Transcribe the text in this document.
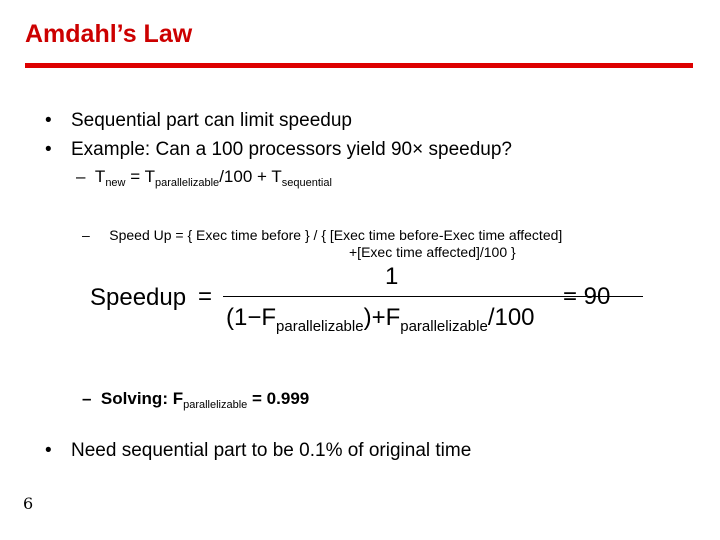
Amdahl’s Law
• Sequential part can limit speedup
• Example: Can a 100 processors yield 90× speedup?
– $T_{new} = T_{parallelizable}/100 + T_{sequential}$
– Speed Up = { Exec time before } / { [Exec time before-Exec time affected]
+[Exec time affected]/100 }
Speedup =
1
$(1-F_{parallelizable})+F_{parallelizable}/100$
= 90
– Solving: $F_{parallelizable} = 0.999$
• Need sequential part to be 0.1% of original time
6
